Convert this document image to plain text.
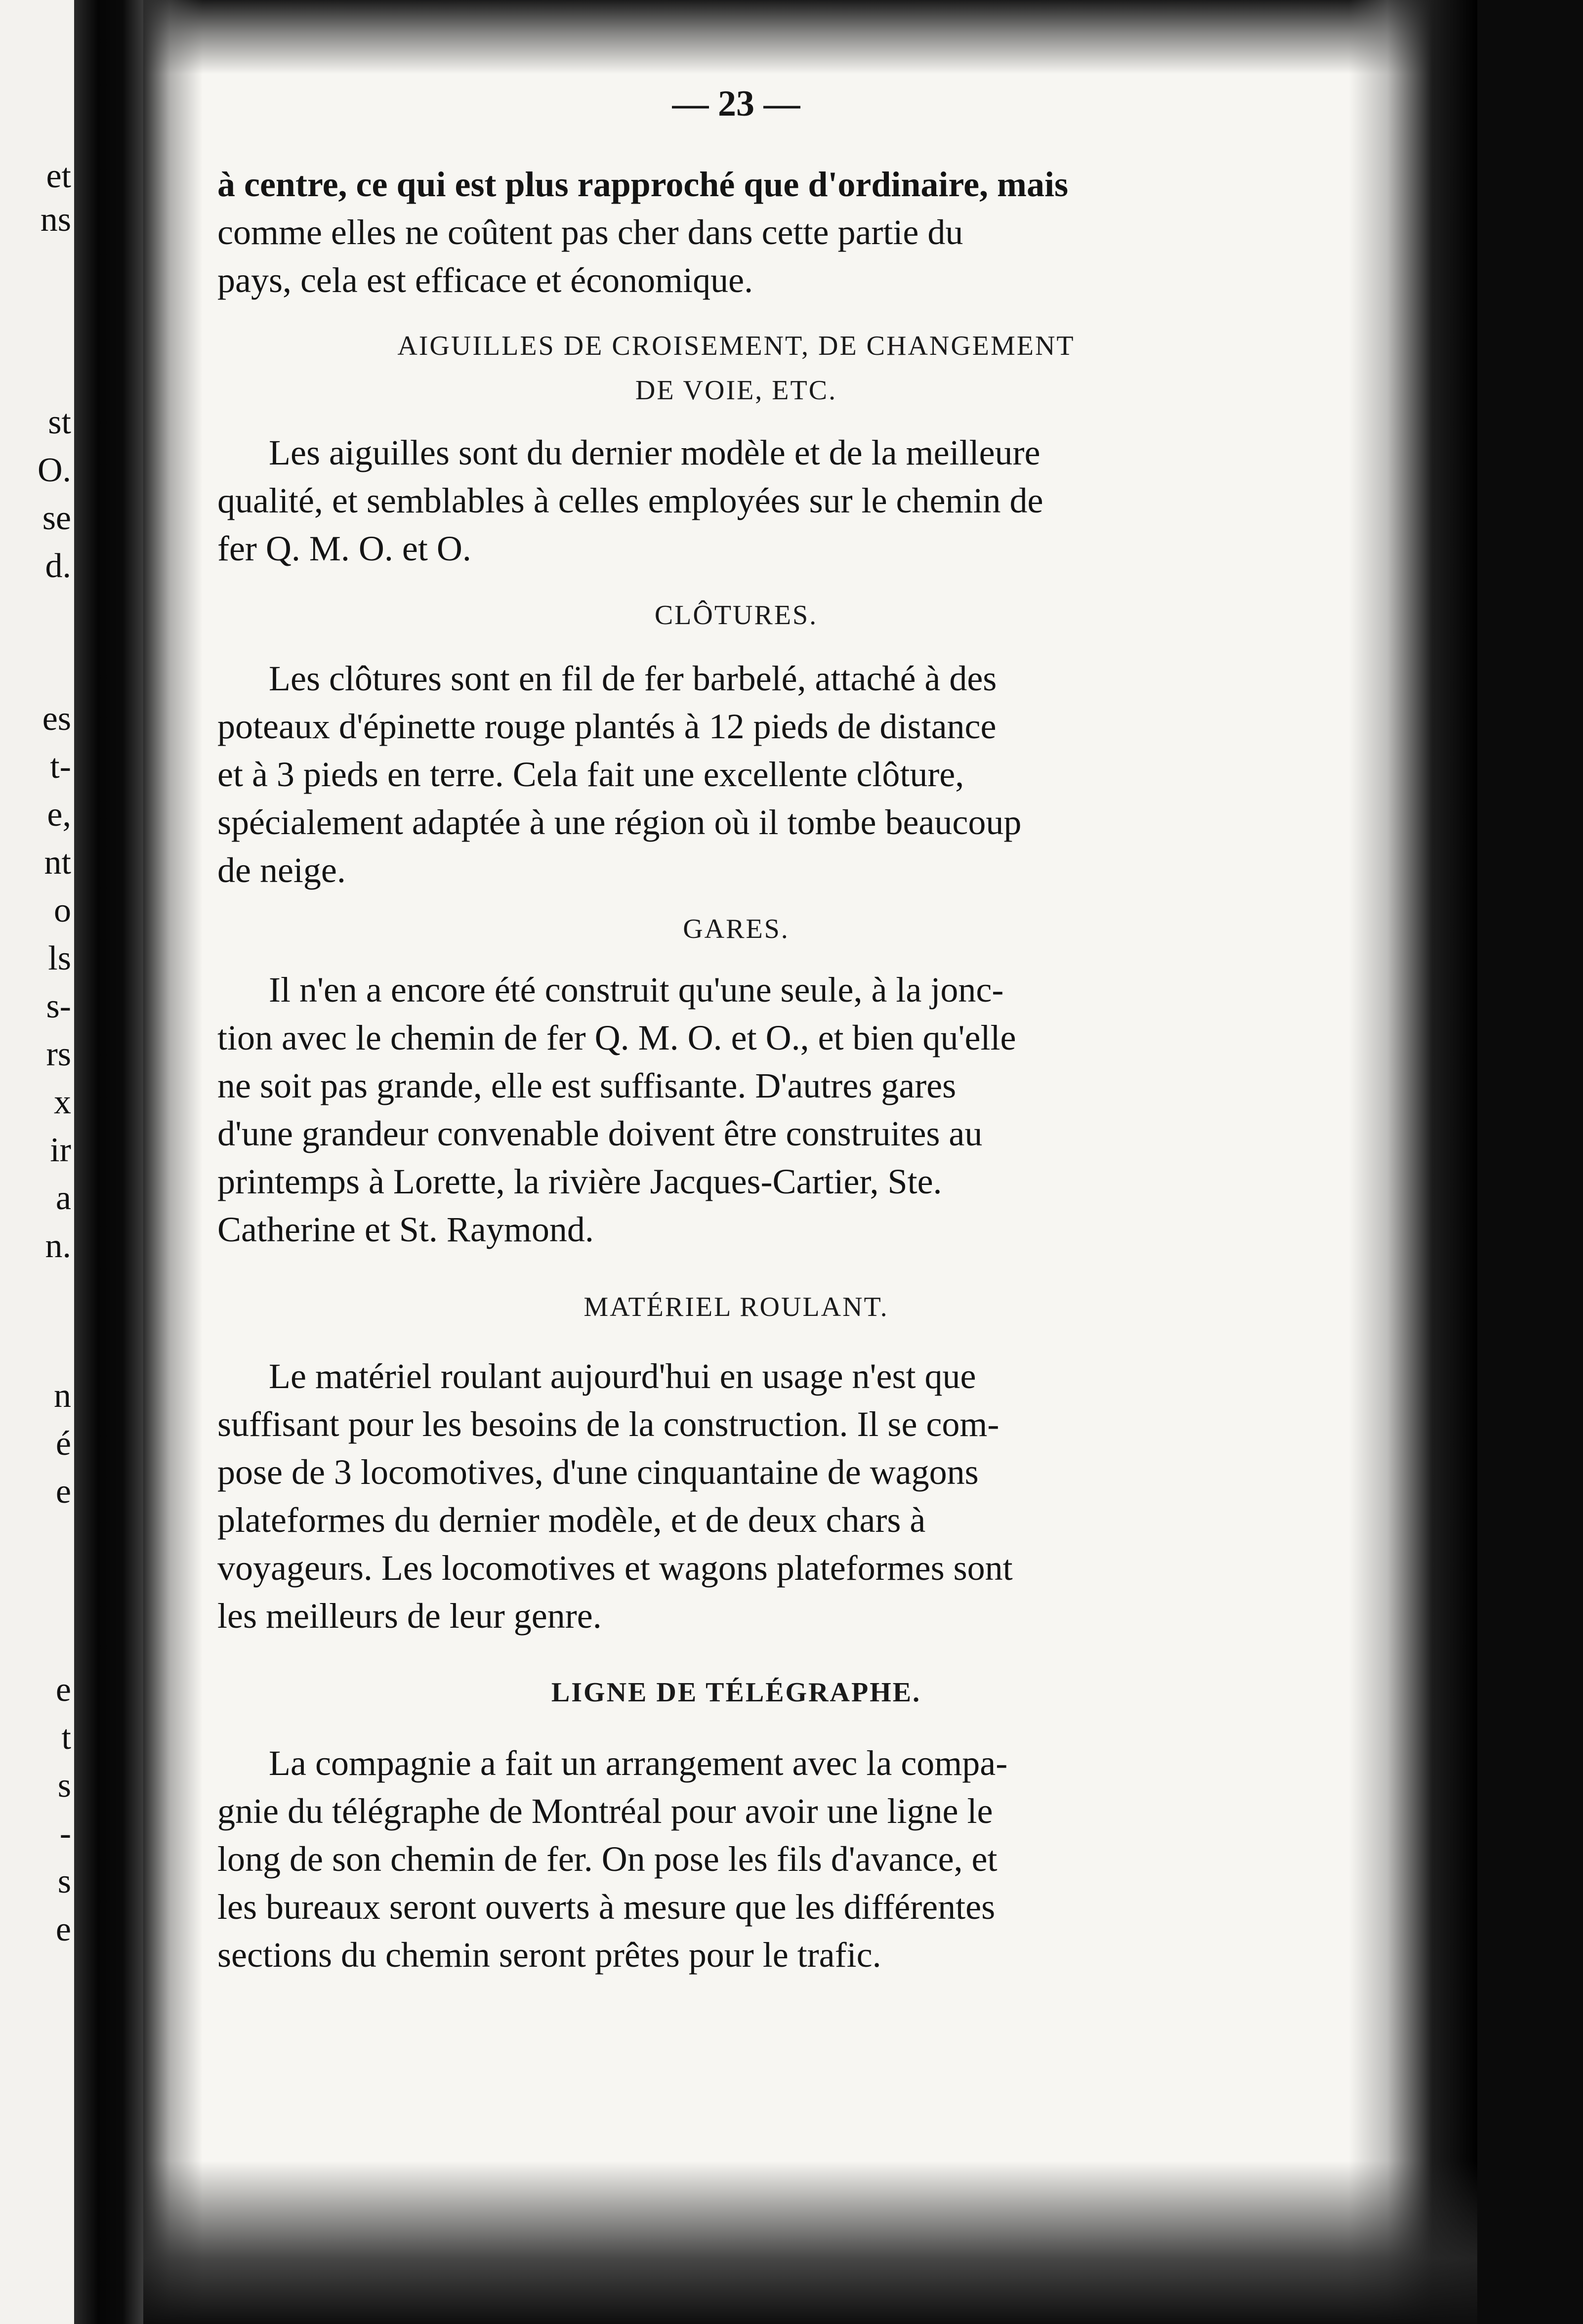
et
ns
st
O.
se
d.
es
t-
e,
nt
o
ls
s-
rs
x
ir
a
n.
n
é
e
e
t
s
-
s
e
— 23 —
à centre, ce qui est plus rapproché que d'ordinaire, mais
comme elles ne coûtent pas cher dans cette partie du
pays, cela est efficace et économique.
AIGUILLES DE CROISEMENT, DE CHANGEMENT
DE VOIE, ETC.
Les aiguilles sont du dernier modèle et de la meilleure
qualité, et semblables à celles employées sur le chemin de
fer Q. M. O. et O.
CLÔTURES.
Les clôtures sont en fil de fer barbelé, attaché à des
poteaux d'épinette rouge plantés à 12 pieds de distance
et à 3 pieds en terre. Cela fait une excellente clôture,
spécialement adaptée à une région où il tombe beaucoup
de neige.
GARES.
Il n'en a encore été construit qu'une seule, à la jonc-
tion avec le chemin de fer Q. M. O. et O., et bien qu'elle
ne soit pas grande, elle est suffisante. D'autres gares
d'une grandeur convenable doivent être construites au
printemps à Lorette, la rivière Jacques-Cartier, Ste.
Catherine et St. Raymond.
MATÉRIEL ROULANT.
Le matériel roulant aujourd'hui en usage n'est que
suffisant pour les besoins de la construction. Il se com-
pose de 3 locomotives, d'une cinquantaine de wagons
plateformes du dernier modèle, et de deux chars à
voyageurs. Les locomotives et wagons plateformes sont
les meilleurs de leur genre.
LIGNE DE TÉLÉGRAPHE.
La compagnie a fait un arrangement avec la compa-
gnie du télégraphe de Montréal pour avoir une ligne le
long de son chemin de fer. On pose les fils d'avance, et
les bureaux seront ouverts à mesure que les différentes
sections du chemin seront prêtes pour le trafic.
